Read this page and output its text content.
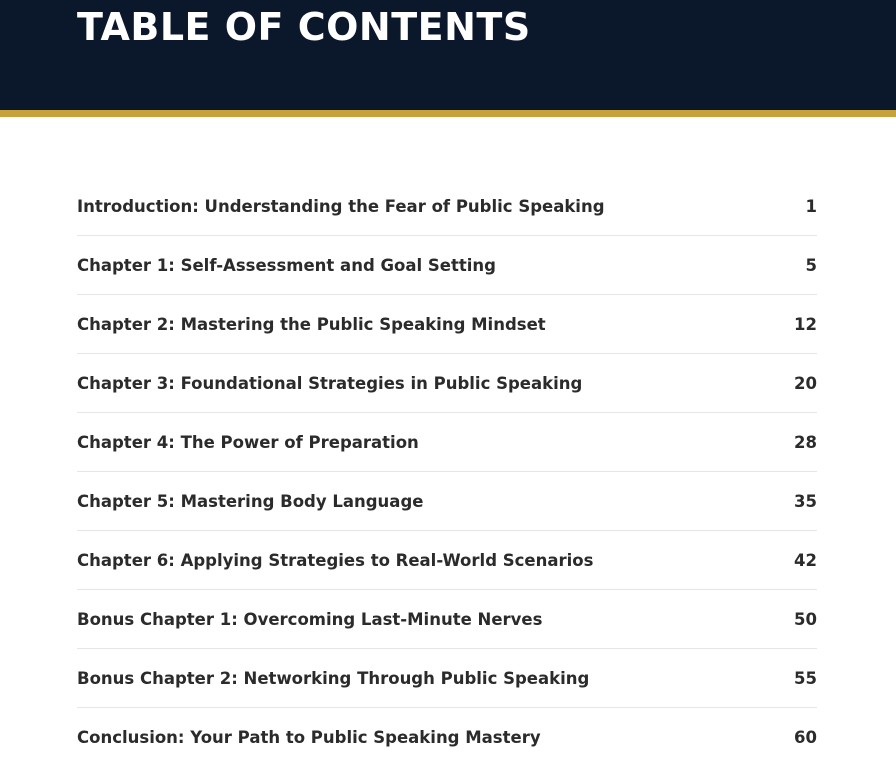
TABLE OF CONTENTS
Introduction: Understanding the Fear of Public Speaking	1
Chapter 1: Self-Assessment and Goal Setting	5
Chapter 2: Mastering the Public Speaking Mindset	12
Chapter 3: Foundational Strategies in Public Speaking	20
Chapter 4: The Power of Preparation	28
Chapter 5: Mastering Body Language	35
Chapter 6: Applying Strategies to Real-World Scenarios	42
Bonus Chapter 1: Overcoming Last-Minute Nerves	50
Bonus Chapter 2: Networking Through Public Speaking	55
Conclusion: Your Path to Public Speaking Mastery	60
